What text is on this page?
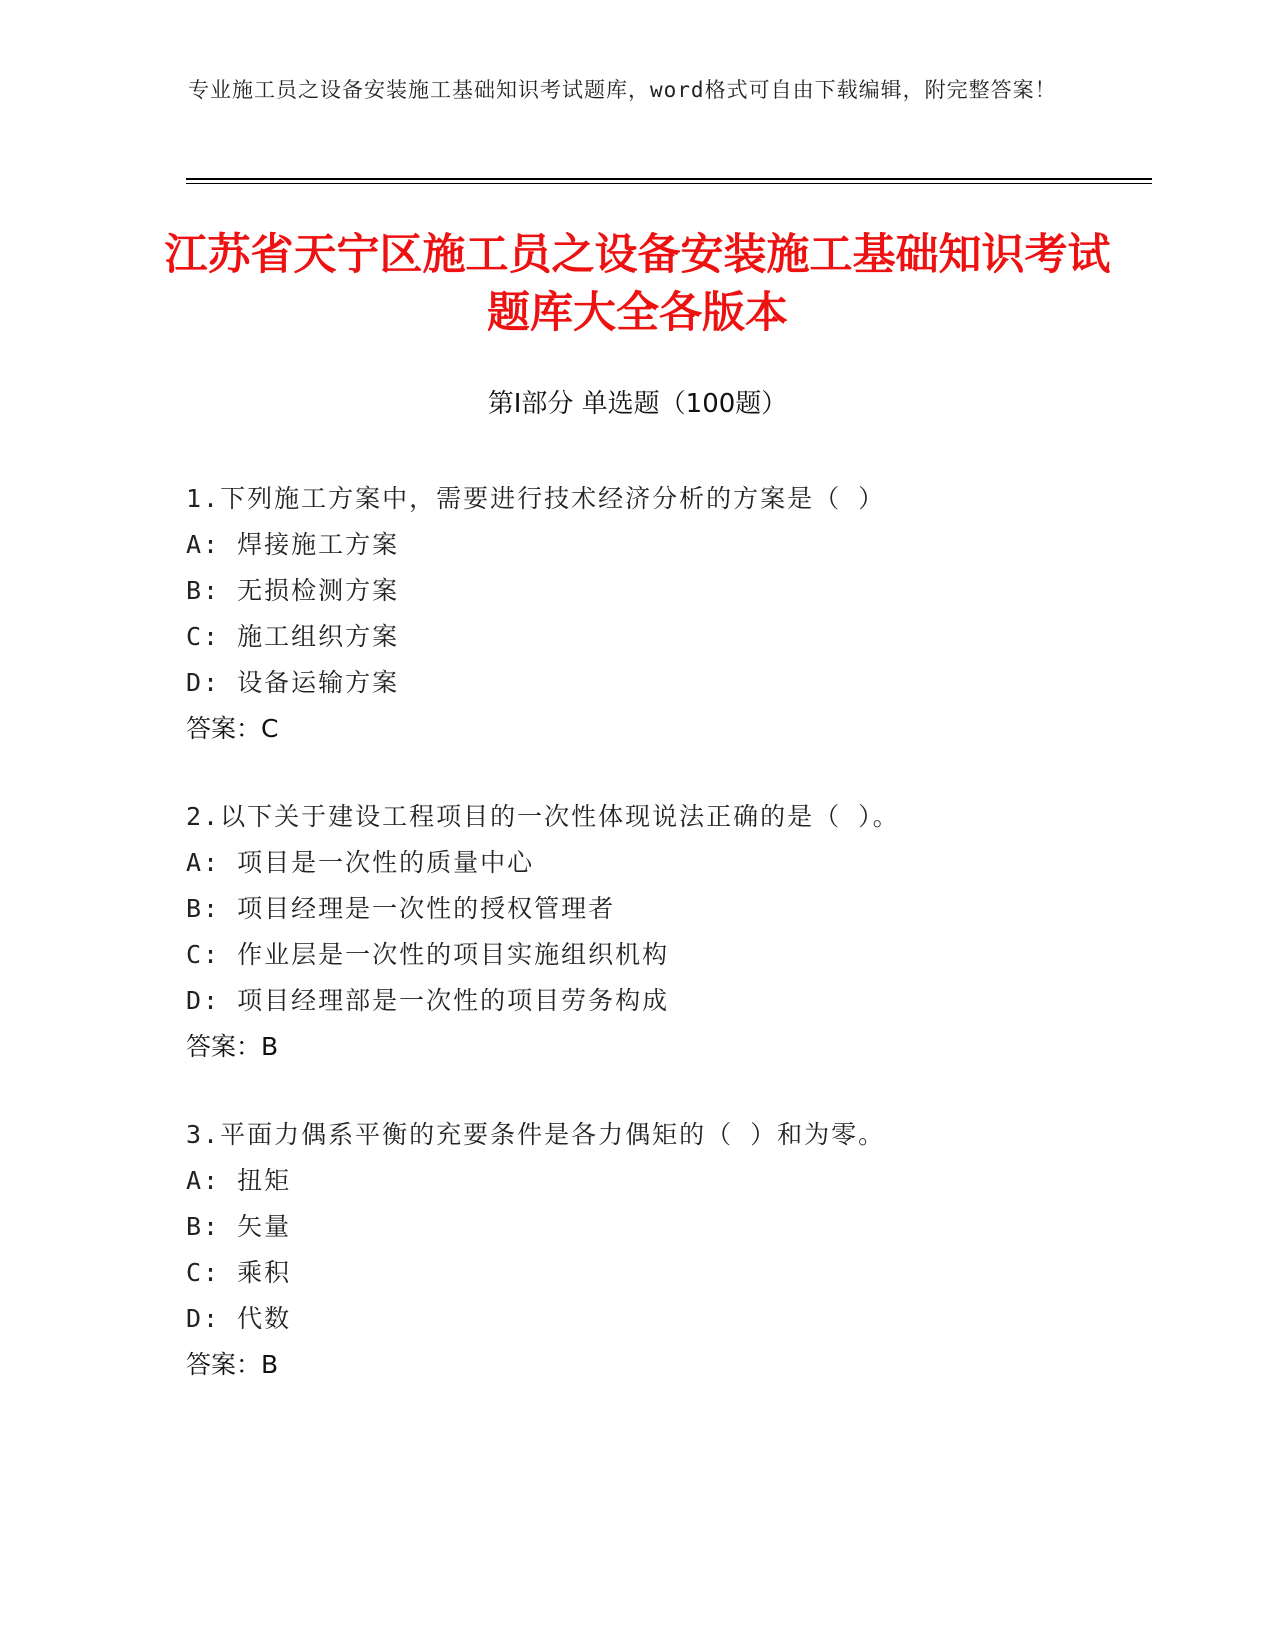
专业施工员之设备安装施工基础知识考试题库，word格式可自由下载编辑，附完整答案！
江苏省天宁区施工员之设备安装施工基础知识考试题库大全各版本
第Ⅰ部分 单选题（100题）
1.下列施工方案中，需要进行技术经济分析的方案是（ ）
A: 焊接施工方案
B: 无损检测方案
C: 施工组织方案
D: 设备运输方案
答案：C
2.以下关于建设工程项目的一次性体现说法正确的是（ ）。
A: 项目是一次性的质量中心
B: 项目经理是一次性的授权管理者
C: 作业层是一次性的项目实施组织机构
D: 项目经理部是一次性的项目劳务构成
答案：B
3.平面力偶系平衡的充要条件是各力偶矩的（ ）和为零。
A: 扭矩
B: 矢量
C: 乘积
D: 代数
答案：B
